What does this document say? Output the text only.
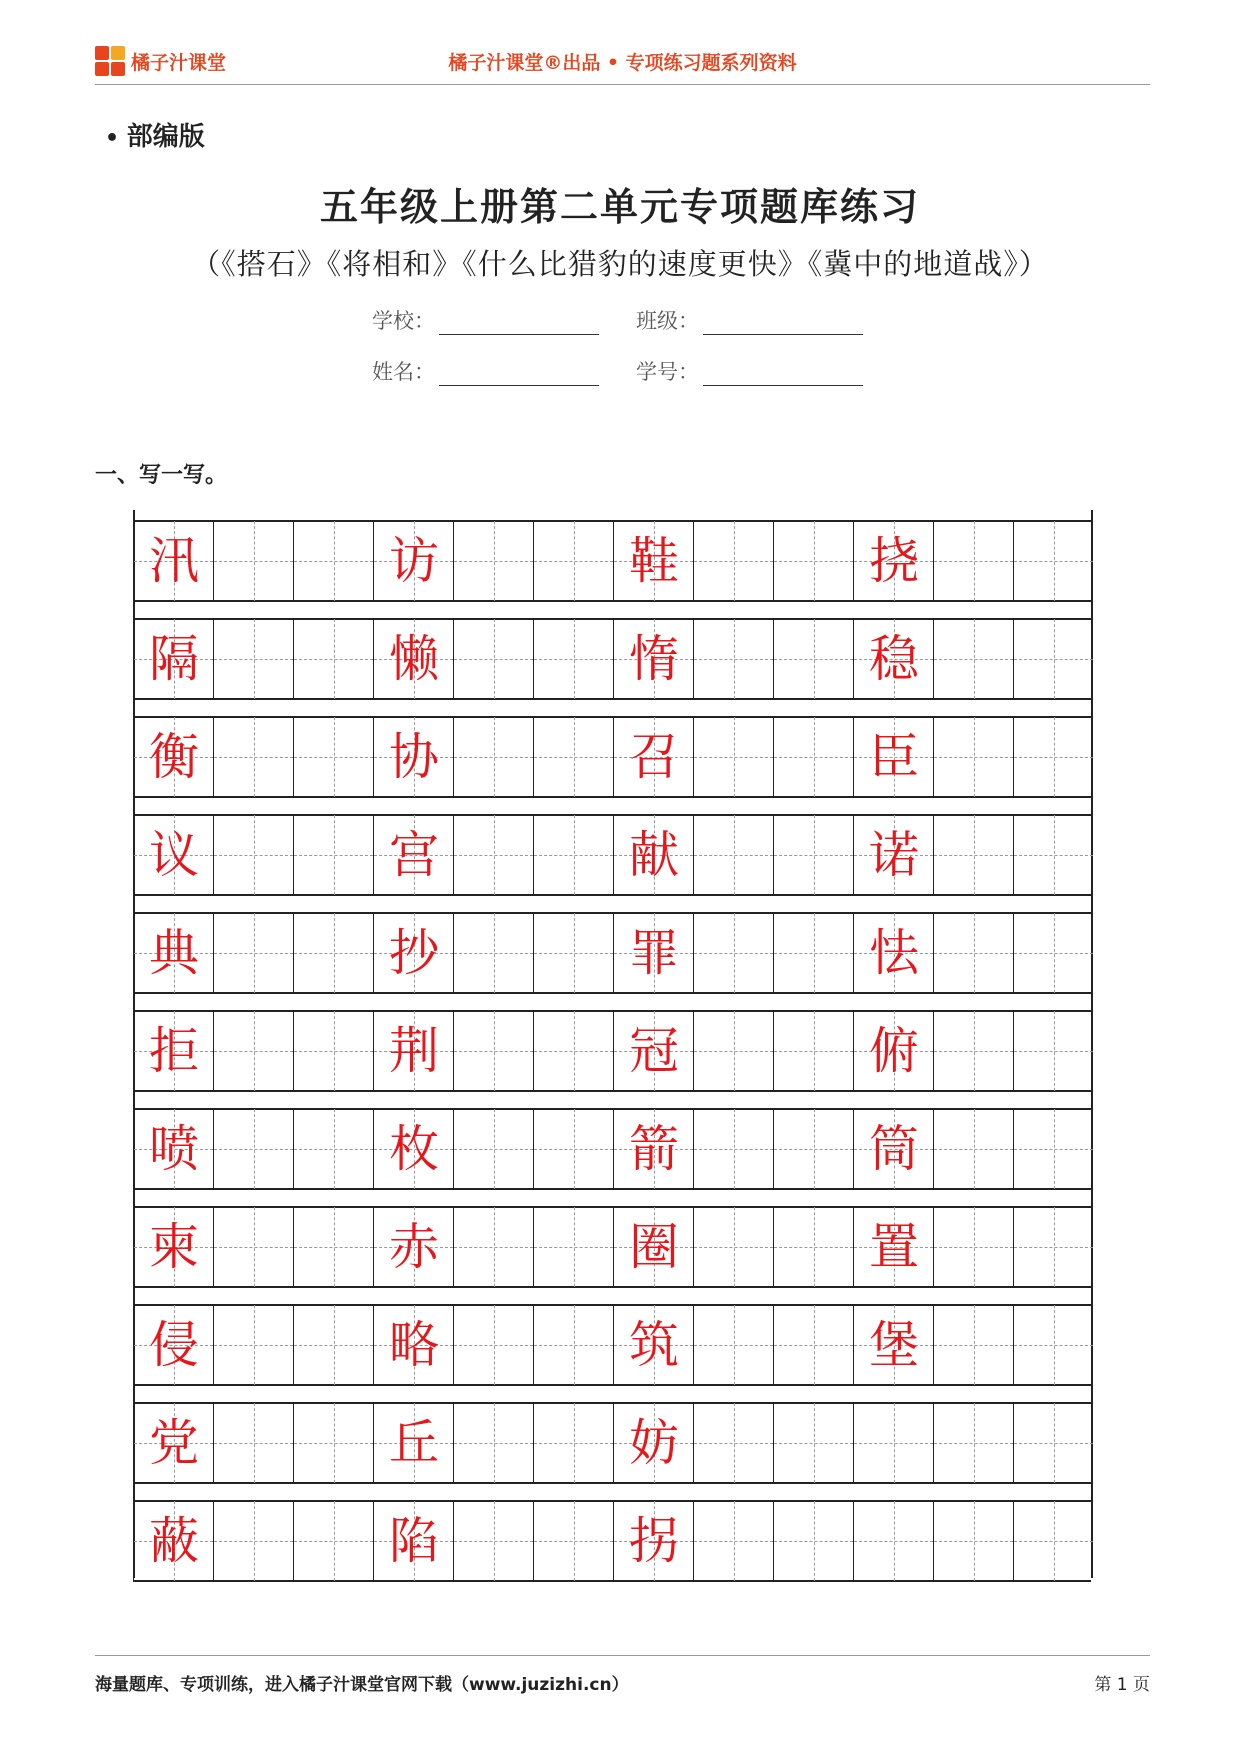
橘子汁课堂	橘子汁课堂®出品 • 专项练习题系列资料
• 部编版
五年级上册第二单元专项题库练习
（《搭石》《将相和》《什么比猎豹的速度更快》《冀中的地道战》）
学校：	班级：
姓名：	学号：
一、写一写。
汛	访	鞋	挠
隔	懒	惰	稳
衡	协	召	臣
议	宫	献	诺
典	抄	罪	怯
拒	荆	冠	俯
喷	枚	箭	筒
柬	赤	圈	置
侵	略	筑	堡
党	丘	妨
蔽	陷	拐
海量题库、专项训练，进入橘子汁课堂官网下载（www.juzizhi.cn）	第 1 页
